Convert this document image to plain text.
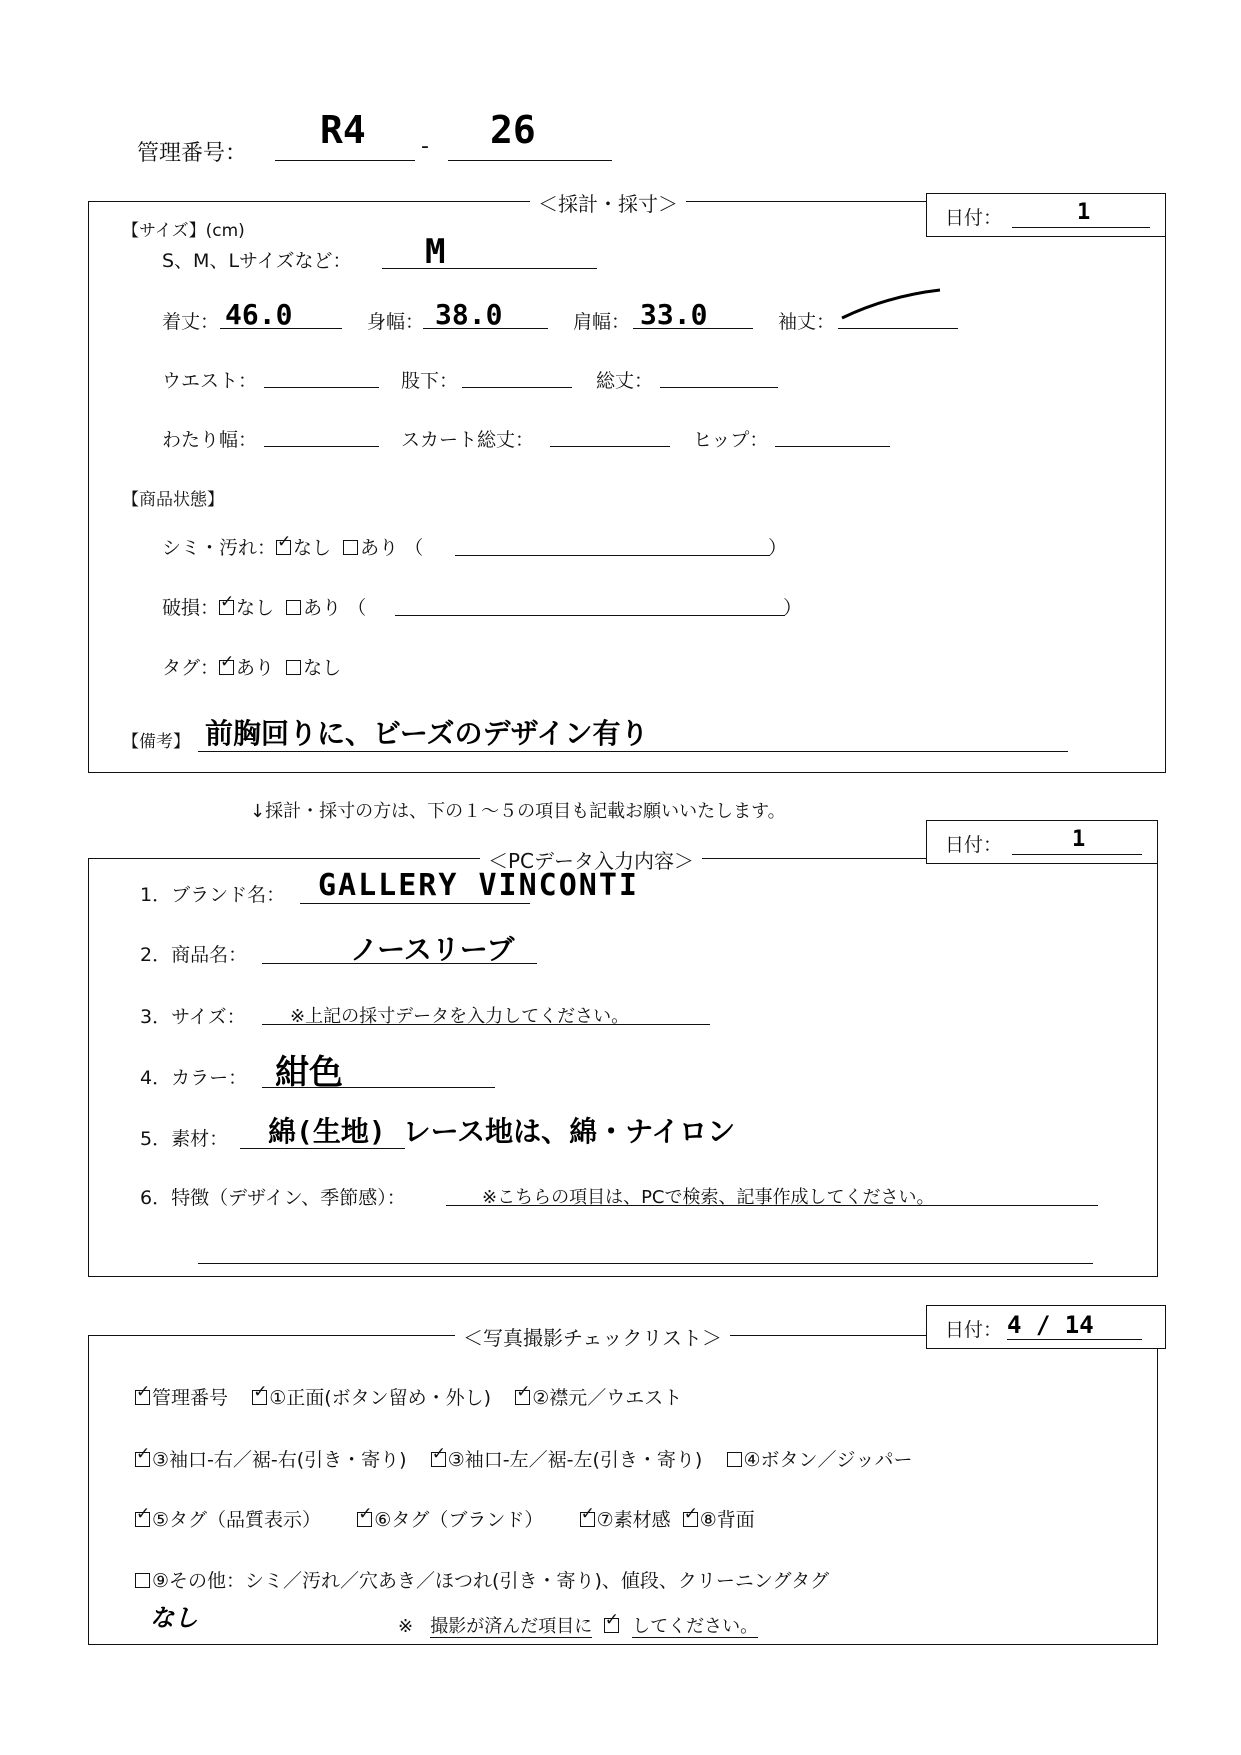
管理番号：
R4	- 26
＜採計・採寸＞
日付：	1
【サイズ】(cm)
S、M、Lサイズなど： M
着丈： 46.0	身幅： 38.0	肩幅： 33.0	袖丈：
ウエスト：	股下：	総丈：
わたり幅：	スカート総丈：	ヒップ：
【商品状態】
シミ・汚れ： ✓ なし あり （	）
破損： ✓ なし あり （	）
タグ： ✓ あり なし
【備考】 前胸回りに、ビーズのデザイン有り
↓採計・採寸の方は、下の１～５の項目も記載お願いいたします。
＜PCデータ入力内容＞
日付：	1
1．ブランド名： GALLERY VINCONTI
2．商品名：	ノースリーブ
3．サイズ： ※上記の採寸データを入力してください。
4．カラー： 紺色
5．素材： 綿(生地) レース地は、綿・ナイロン
6．特徴（デザイン、季節感）：	※こちらの項目は、PCで検索、記事作成してください。
＜写真撮影チェックリスト＞	日付： 4 / 14
✓管理番号 ✓ ①正面(ボタン留め・外し) ✓ ②襟元／ウエスト
✓③袖口-右／裾-右(引き・寄り) ✓ ③袖口-左／裾-左(引き・寄り) ④ボタン／ジッパー
✓⑤タグ（品質表示） ✓	⑥タグ（ブランド） ✓	⑦素材感 ✓ ⑧背面
⑨その他：シミ／汚れ／穴あき／ほつれ(引き・寄り)、値段、クリーニングタグ
なし	※ 撮影が済んだ項目に ✓ してください。
